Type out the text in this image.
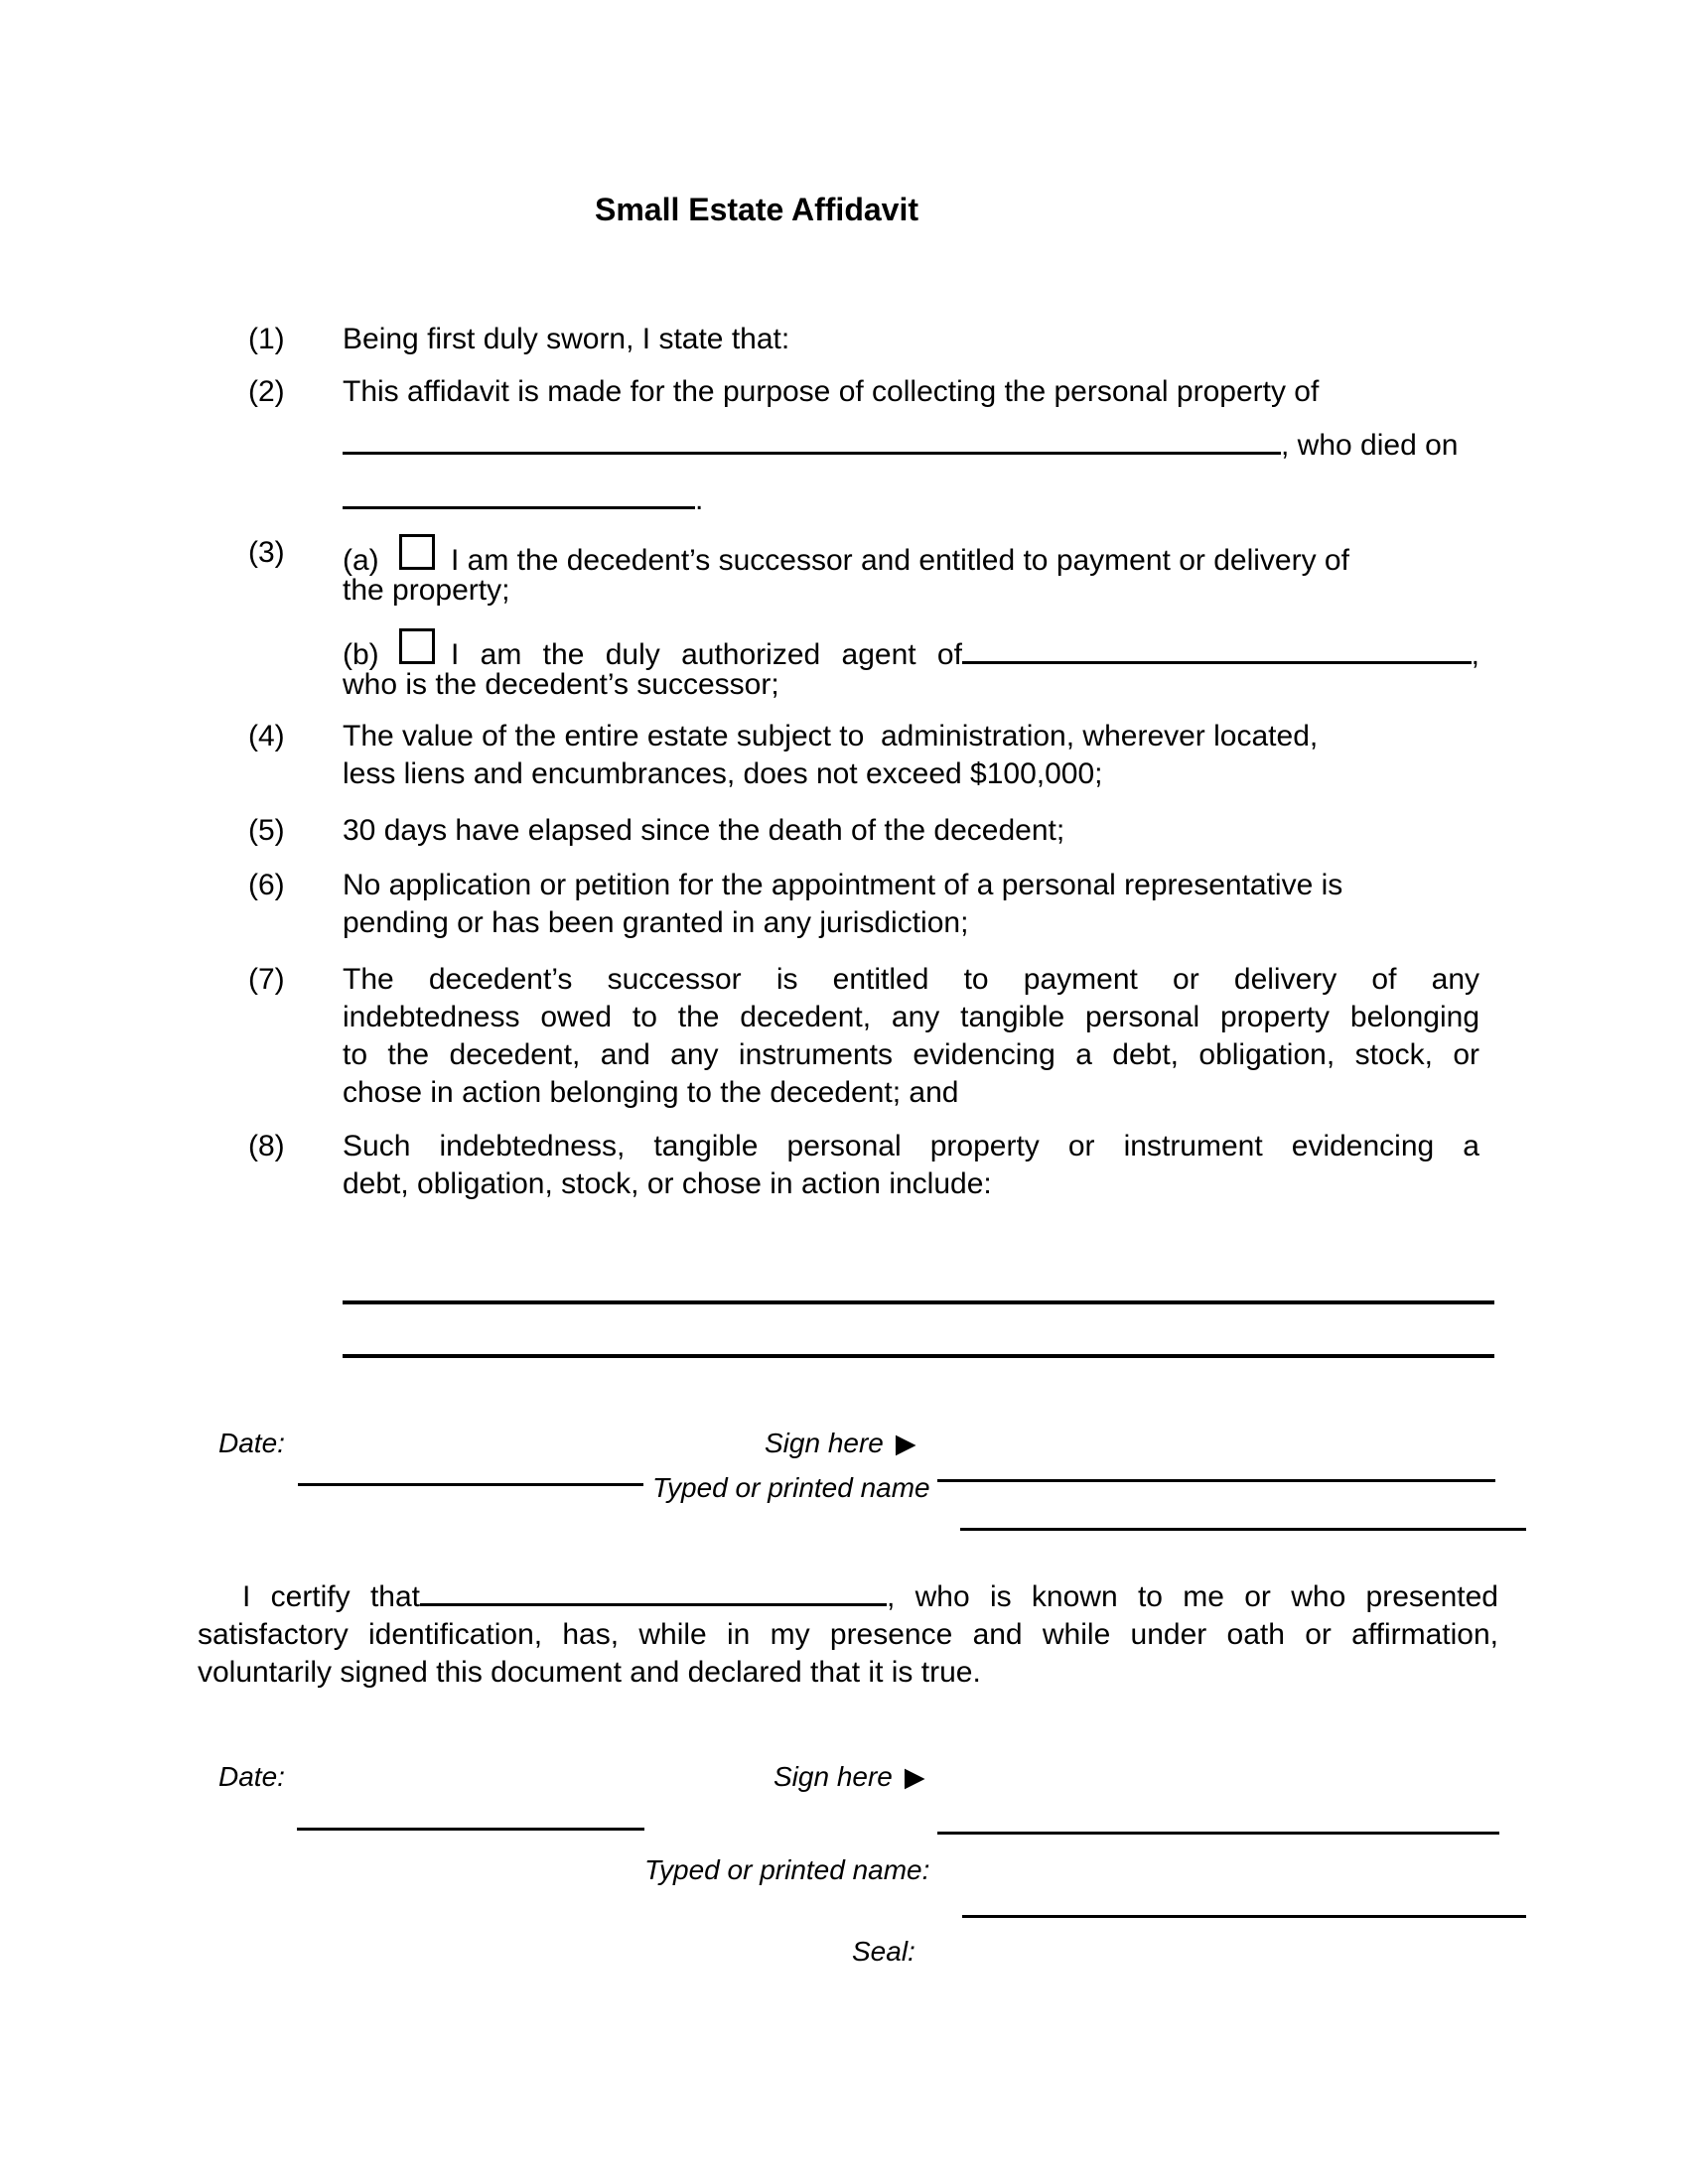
Small Estate Affidavit
(1)	Being first duly sworn, I state that:
(2)	This affidavit is made for the purpose of collecting the personal property of
, who died on
.
(3)	(a)	I am the decedent’s successor and entitled to payment or delivery of
the property;
(b)	I am the duly authorized agent of	,
who is the decedent’s successor;
(4)	The value of the entire estate subject to  administration, wherever located,
less liens and encumbrances, does not exceed $100,000;
(5)	30 days have elapsed since the death of the decedent;
(6)	No application or petition for the appointment of a personal representative is
pending or has been granted in any jurisdiction;
(7)	The decedent’s successor is entitled to payment or delivery of any
indebtedness owed to the decedent, any tangible personal property belonging
to the decedent, and any instruments evidencing a debt, obligation, stock, or
chose in action belonging to the decedent; and
(8)	Such indebtedness, tangible personal property or instrument evidencing a
debt, obligation, stock, or chose in action include:
Date:	Sign here ▶
Typed or printed name
I certify that	, who is known to me or who presented
satisfactory identification, has, while in my presence and while under oath or affirmation,
voluntarily signed this document and declared that it is true.
Date:	Sign here ▶
Typed or printed name:
Seal:
